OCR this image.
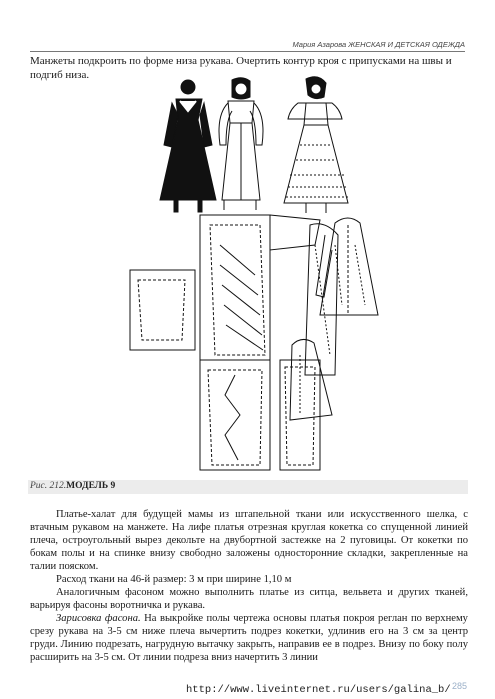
Мария Азарова ЖЕНСКАЯ И ДЕТСКАЯ ОДЕЖДА
Манжеты подкроить по форме низа рукава. Очертить контур кроя с припусками на швы и подгиб низа.
Рис. 212.МОДЕЛЬ 9

Платье-халат для будущей мамы из штапельной ткани или искусственного шелка, с втачным рукавом на манжете. На лифе платья отрезная круглая кокетка со спущенной линией плеча, остроугольный вырез декольте на двубортной застежке на 2 пуговицы. От кокетки по бокам полы и на спинке внизу свободно заложены односторонние складки, закрепленные на талии пояском.

Расход ткани на 46-й размер: 3 м при ширине 1,10 м

Аналогичным фасоном можно выполнить платье из ситца, вельвета и других тканей, варьируя фасоны воротничка и рукава.

Зарисовка фасона. На выкройке полы чертежа основы платья покроя реглан по верхнему срезу рукава на 3-5 см ниже плеча вычертить подрез кокетки, удлинив его на 3 см за центр груди. Линию подрезать, нагрудную вытачку закрыть, направив ее в подрез. Внизу по боку полу расширить на 3-5 см. От линии подреза вниз начертить 3 линии

http://www.liveinternet.ru/users/galina_b/ 285
